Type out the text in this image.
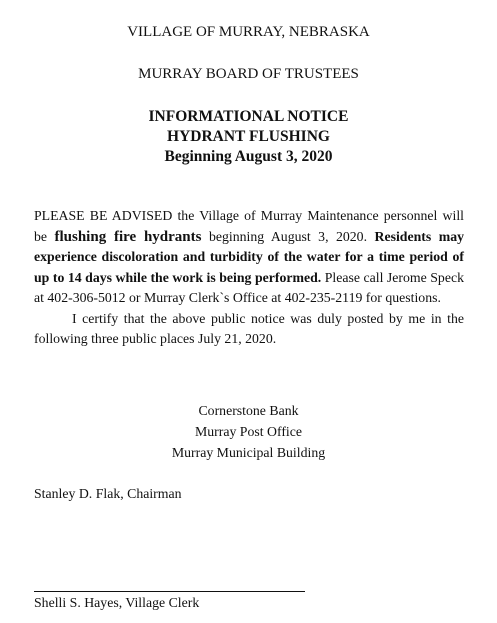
VILLAGE OF MURRAY, NEBRASKA
MURRAY BOARD OF TRUSTEES
INFORMATIONAL NOTICE
HYDRANT FLUSHING
Beginning August 3, 2020

PLEASE BE ADVISED the Village of Murray Maintenance personnel will be flushing fire hydrants beginning August 3, 2020. Residents may experience discoloration and turbidity of the water for a time period of up to 14 days while the work is being performed. Please call Jerome Speck at 402-306-5012 or Murray Clerk`s Office at 402-235-2119 for questions.

I certify that the above public notice was duly posted by me in the following three public places July 21, 2020.

Cornerstone Bank
Murray Post Office
Murray Municipal Building
Stanley D. Flak, Chairman
Shelli S. Hayes, Village Clerk
